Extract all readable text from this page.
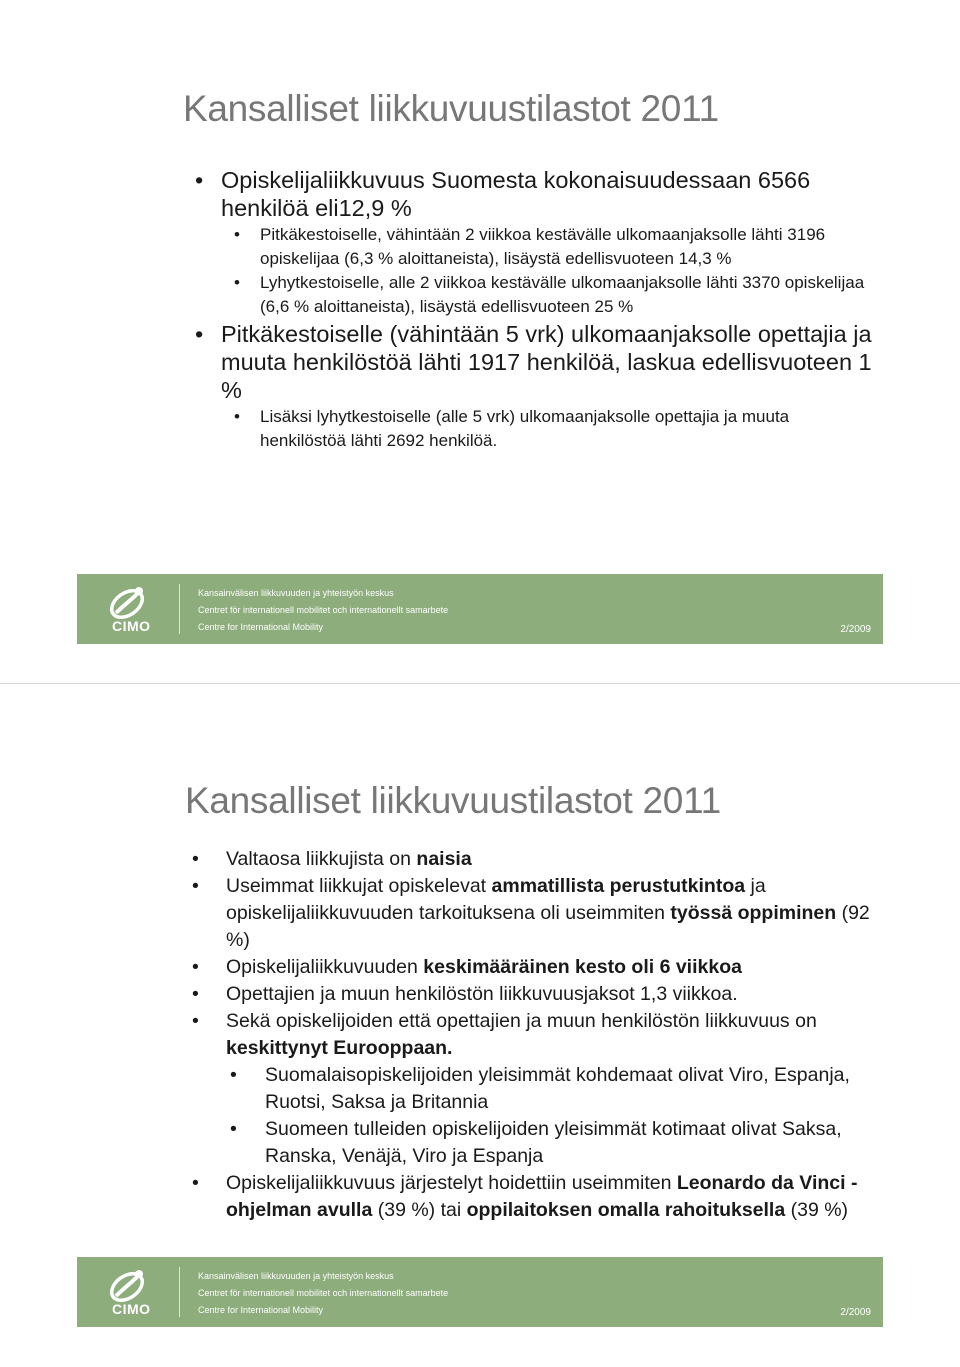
Kansalliset liikkuvuustilastot 2011
• Opiskelijaliikkuvuus Suomesta kokonaisuudessaan 6566 henkilöä eli12,9 %
• Pitkäkestoiselle, vähintään 2 viikkoa kestävälle ulkomaanjaksolle lähti 3196 opiskelijaa (6,3 % aloittaneista), lisäystä edellisvuoteen 14,3 %
• Lyhytkestoiselle, alle 2 viikkoa kestävälle ulkomaanjaksolle lähti 3370 opiskelijaa (6,6 % aloittaneista), lisäystä edellisvuoteen 25 %
• Pitkäkestoiselle (vähintään 5 vrk) ulkomaanjaksolle opettajia ja muuta henkilöstöä lähti 1917 henkilöä, laskua edellisvuoteen 1 %
• Lisäksi lyhytkestoiselle (alle 5 vrk) ulkomaanjaksolle opettajia ja muuta henkilöstöä lähti 2692 henkilöä.
CIMO
Kansainvälisen liikkuvuuden ja yhteistyön keskus
Centret för internationell mobilitet och internationellt samarbete
Centre for International Mobility	2/2009
Kansalliset liikkuvuustilastot 2011
• Valtaosa liikkujista on naisia
• Useimmat liikkujat opiskelevat ammatillista perustutkintoa ja opiskelijaliikkuvuuden tarkoituksena oli useimmiten työssä oppiminen (92 %)
• Opiskelijaliikkuvuuden keskimääräinen kesto oli 6 viikkoa
• Opettajien ja muun henkilöstön liikkuvuusjaksot 1,3 viikkoa.
• Sekä opiskelijoiden että opettajien ja muun henkilöstön liikkuvuus on keskittynyt Eurooppaan.
• Suomalaisopiskelijoiden yleisimmät kohdemaat olivat Viro, Espanja, Ruotsi, Saksa ja Britannia
• Suomeen tulleiden opiskelijoiden yleisimmät kotimaat olivat Saksa, Ranska, Venäjä, Viro ja Espanja
• Opiskelijaliikkuvuus järjestelyt hoidettiin useimmiten Leonardo da Vinci -ohjelman avulla (39 %) tai oppilaitoksen omalla rahoituksella (39 %)
CIMO
Kansainvälisen liikkuvuuden ja yhteistyön keskus
Centret för internationell mobilitet och internationellt samarbete
Centre for International Mobility	2/2009
